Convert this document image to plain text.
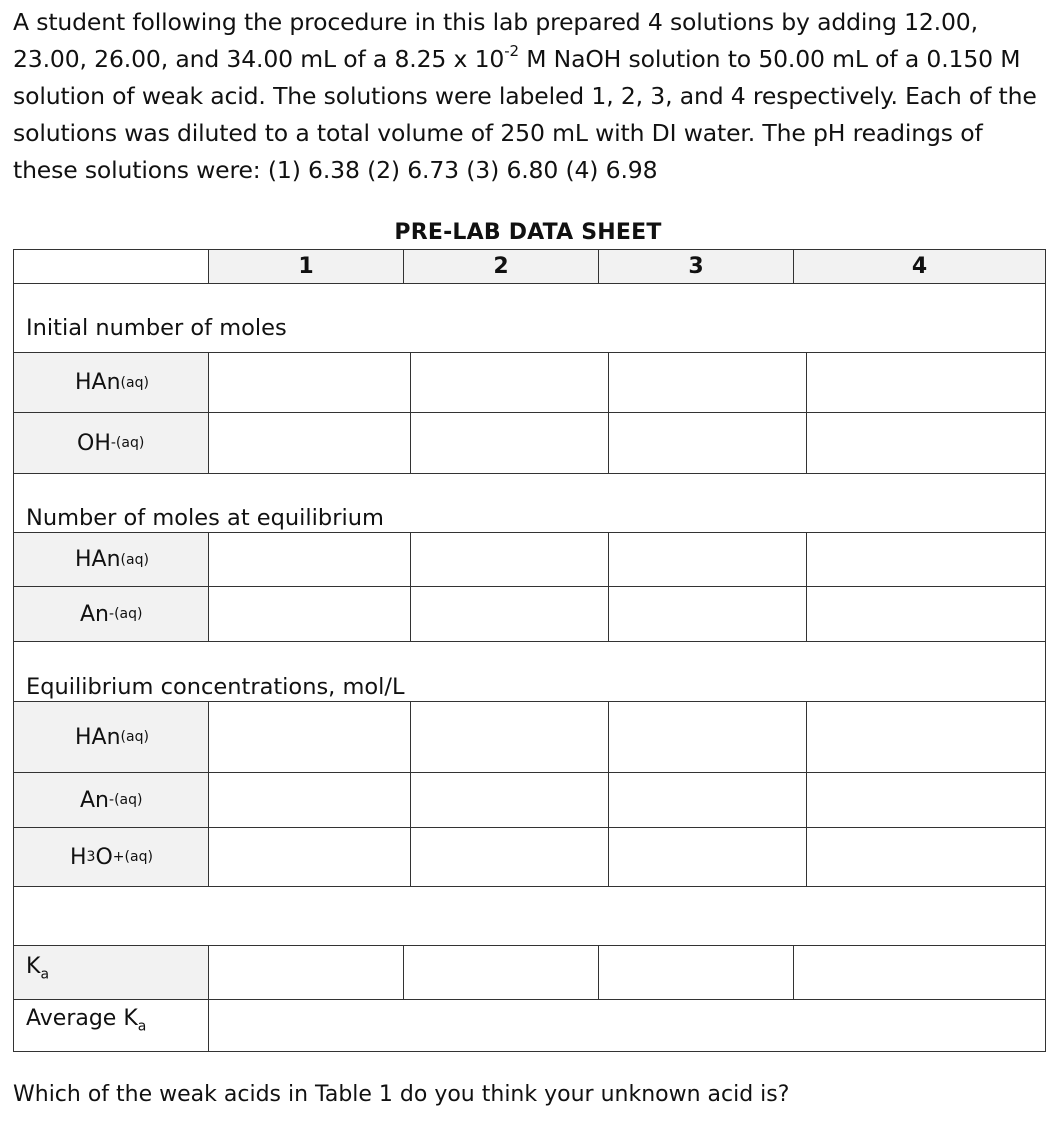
A student following the procedure in this lab prepared 4 solutions by adding 12.00, 23.00, 26.00, and 34.00 mL of a 8.25 x $10^{-2}$ M NaOH solution to 50.00 mL of a 0.150 M solution of weak acid. The solutions were labeled 1, 2, 3, and 4 respectively. Each of the solutions was diluted to a total volume of 250 mL with DI water. The pH readings of these solutions were: (1) 6.38 (2) 6.73 (3) 6.80 (4) 6.98
PRE-LAB DATA SHEET
1	2	3	4
Initial number of moles
HAn (aq)
OH - (aq)
Number of moles at equilibrium
HAn (aq)
An - (aq)
Equilibrium concentrations, mol/L
HAn (aq)
An - (aq)
H 3 O + (aq)
$K_a$
Average $K_a$
Which of the weak acids in Table 1 do you think your unknown acid is?
